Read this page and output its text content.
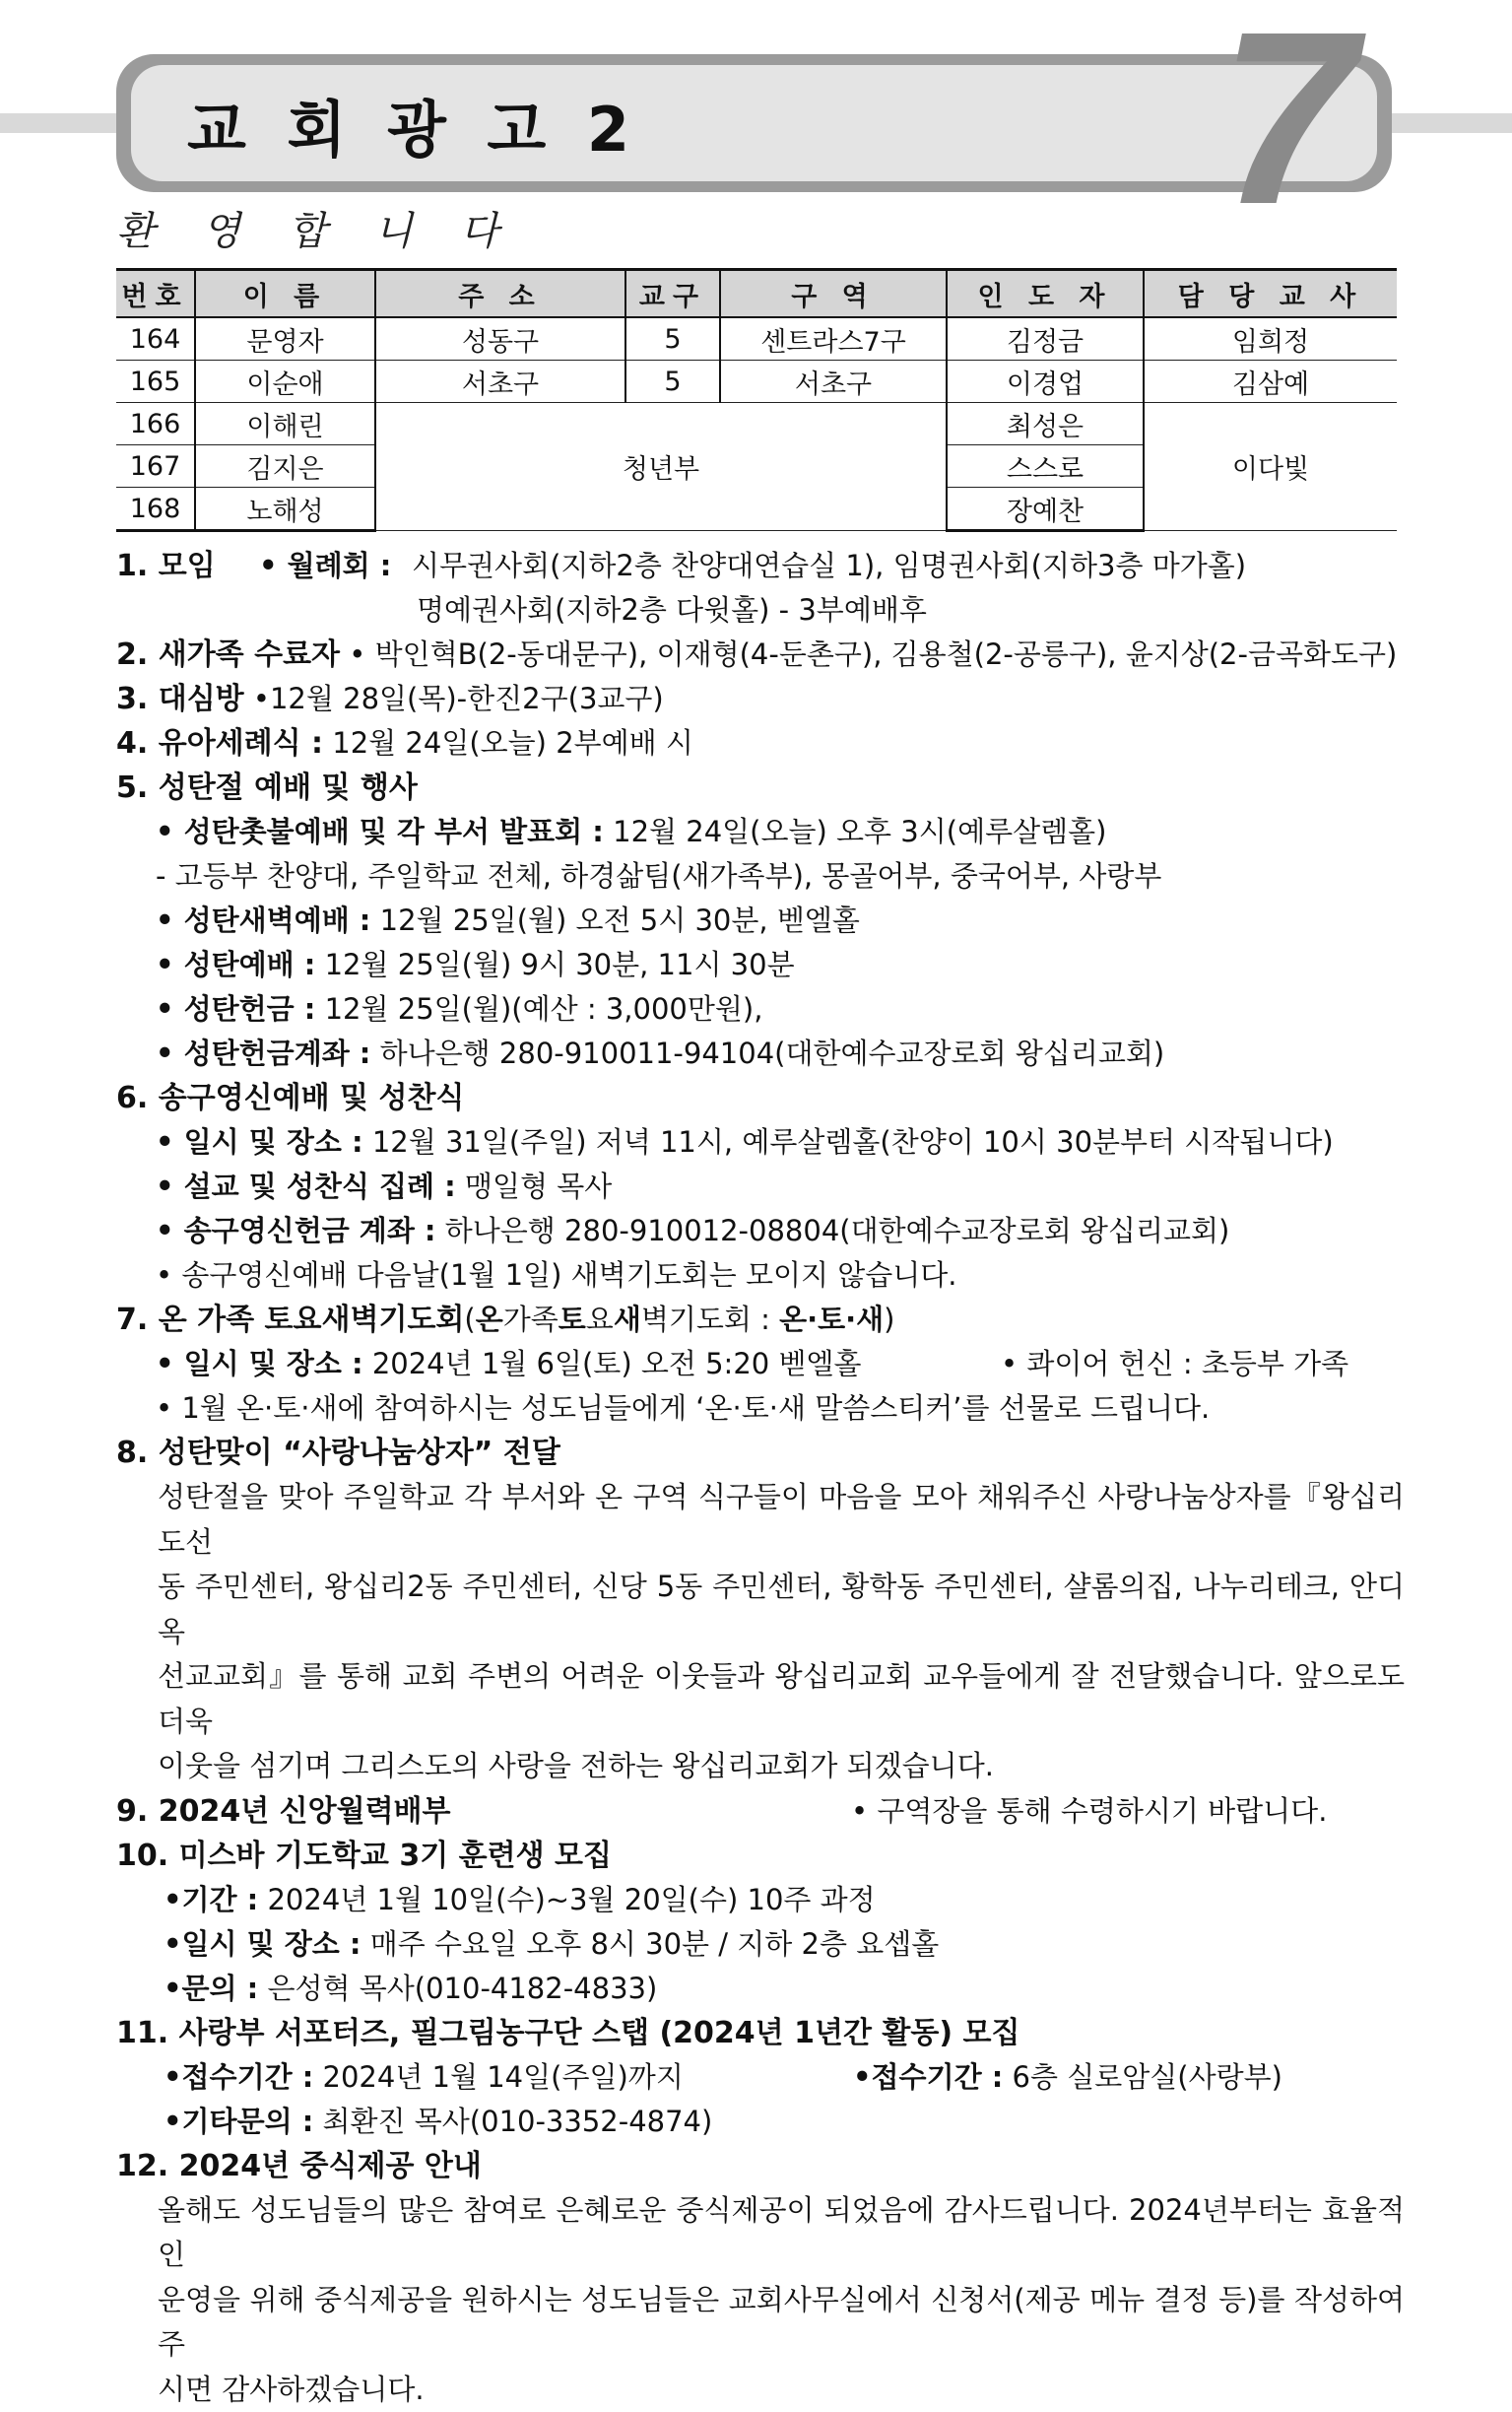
7
교 회 광 고 2
환 영 합 니 다
번호	이 름	주 소	교구	구 역	인 도 자	담 당 교 사
164	문영자	성동구	5	센트라스7구	김정금	임희정
165	이순애	서초구	5	서초구	이경업	김삼예
166	이해린	청년부			최성은	이다빛
167	김지은				스스로	
168	노해성				장예찬	
1. 모임 • 월례회 : 시무권사회(지하2층 찬양대연습실 1), 임명권사회(지하3층 마가홀)
명예권사회(지하2층 다윗홀) - 3부예배후
2. 새가족 수료자 • 박인혁B(2-동대문구), 이재형(4-둔촌구), 김용철(2-공릉구), 윤지상(2-금곡화도구)
3. 대심방 •12월 28일(목)-한진2구(3교구)
4. 유아세례식 : 12월 24일(오늘) 2부예배 시
5. 성탄절 예배 및 행사
• 성탄촛불예배 및 각 부서 발표회 : 12월 24일(오늘) 오후 3시(예루살렘홀)
- 고등부 찬양대, 주일학교 전체, 하경삶팀(새가족부), 몽골어부, 중국어부, 사랑부
• 성탄새벽예배 : 12월 25일(월) 오전 5시 30분, 벧엘홀
• 성탄예배 : 12월 25일(월) 9시 30분, 11시 30분
• 성탄헌금 : 12월 25일(월)(예산 : 3,000만원),
• 성탄헌금계좌 : 하나은행 280-910011-94104(대한예수교장로회 왕십리교회)
6. 송구영신예배 및 성찬식
• 일시 및 장소 : 12월 31일(주일) 저녁 11시, 예루살렘홀(찬양이 10시 30분부터 시작됩니다)
• 설교 및 성찬식 집례 : 맹일형 목사
• 송구영신헌금 계좌 : 하나은행 280-910012-08804(대한예수교장로회 왕십리교회)
• 송구영신예배 다음날(1월 1일) 새벽기도회는 모이지 않습니다.
7. 온 가족 토요새벽기도회(온가족토요새벽기도회 : 온·토·새)
• 일시 및 장소 : 2024년 1월 6일(토) 오전 5:20 벧엘홀	• 콰이어 헌신 : 초등부 가족
• 1월 온·토·새에 참여하시는 성도님들에게 ‘온·토·새 말씀스티커’를 선물로 드립니다.
8. 성탄맞이 “사랑나눔상자” 전달
성탄절을 맞아 주일학교 각 부서와 온 구역 식구들이 마음을 모아 채워주신 사랑나눔상자를『왕십리 도선
동 주민센터, 왕십리2동 주민센터, 신당 5동 주민센터, 황학동 주민센터, 샬롬의집, 나누리테크, 안디옥
선교교회』를 통해 교회 주변의 어려운 이웃들과 왕십리교회 교우들에게 잘 전달했습니다. 앞으로도 더욱
이웃을 섬기며 그리스도의 사랑을 전하는 왕십리교회가 되겠습니다.
9. 2024년 신앙월력배부	• 구역장을 통해 수령하시기 바랍니다.
10. 미스바 기도학교 3기 훈련생 모집
•기간 : 2024년 1월 10일(수)~3월 20일(수) 10주 과정
•일시 및 장소 : 매주 수요일 오후 8시 30분 / 지하 2층 요셉홀
•문의 : 은성혁 목사(010-4182-4833)
11. 사랑부 서포터즈, 필그림농구단 스탭 (2024년 1년간 활동) 모집
•접수기간 : 2024년 1월 14일(주일)까지	•접수기간 : 6층 실로암실(사랑부)
•기타문의 : 최환진 목사(010-3352-4874)
12. 2024년 중식제공 안내
올해도 성도님들의 많은 참여로 은혜로운 중식제공이 되었음에 감사드립니다. 2024년부터는 효율적인
운영을 위해 중식제공을 원하시는 성도님들은 교회사무실에서 신청서(제공 메뉴 결정 등)를 작성하여 주
시면 감사하겠습니다.
